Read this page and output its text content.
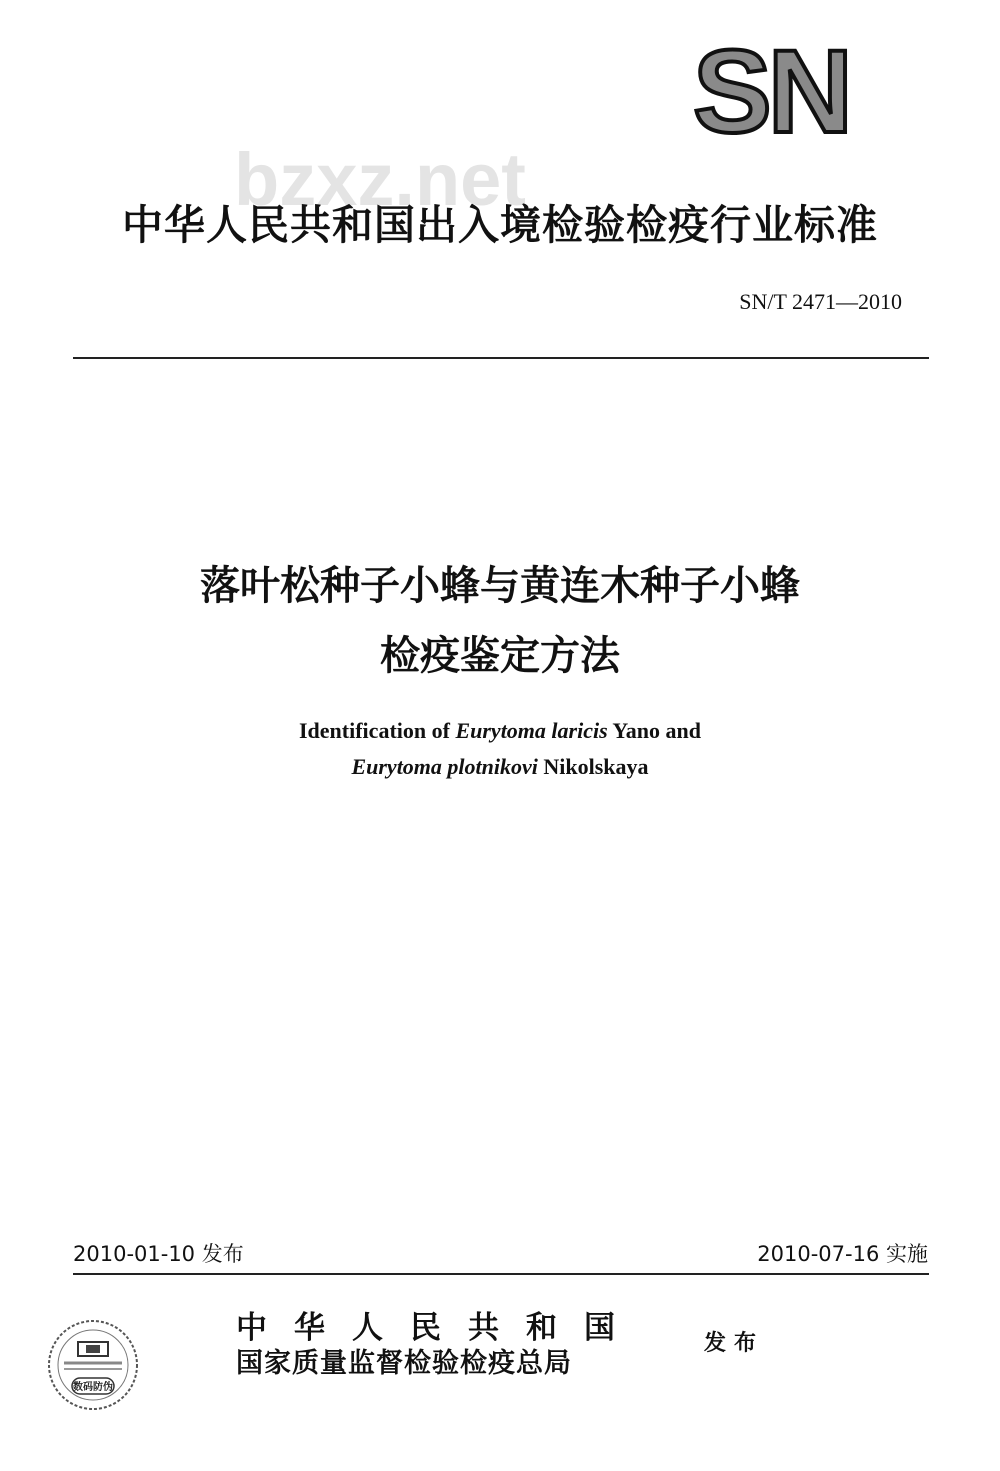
SN
bzxz.net
中华人民共和国出入境检验检疫行业标准
SN/T 2471—2010
落叶松种子小蜂与黄连木种子小蜂
检疫鉴定方法
Identification of Eurytoma laricis Yano and
Eurytoma plotnikovi Nikolskaya
2010-01-10 发布	2010-07-16 实施
数码防伪
中华人民共和国
国家质量监督检验检疫总局
发布
